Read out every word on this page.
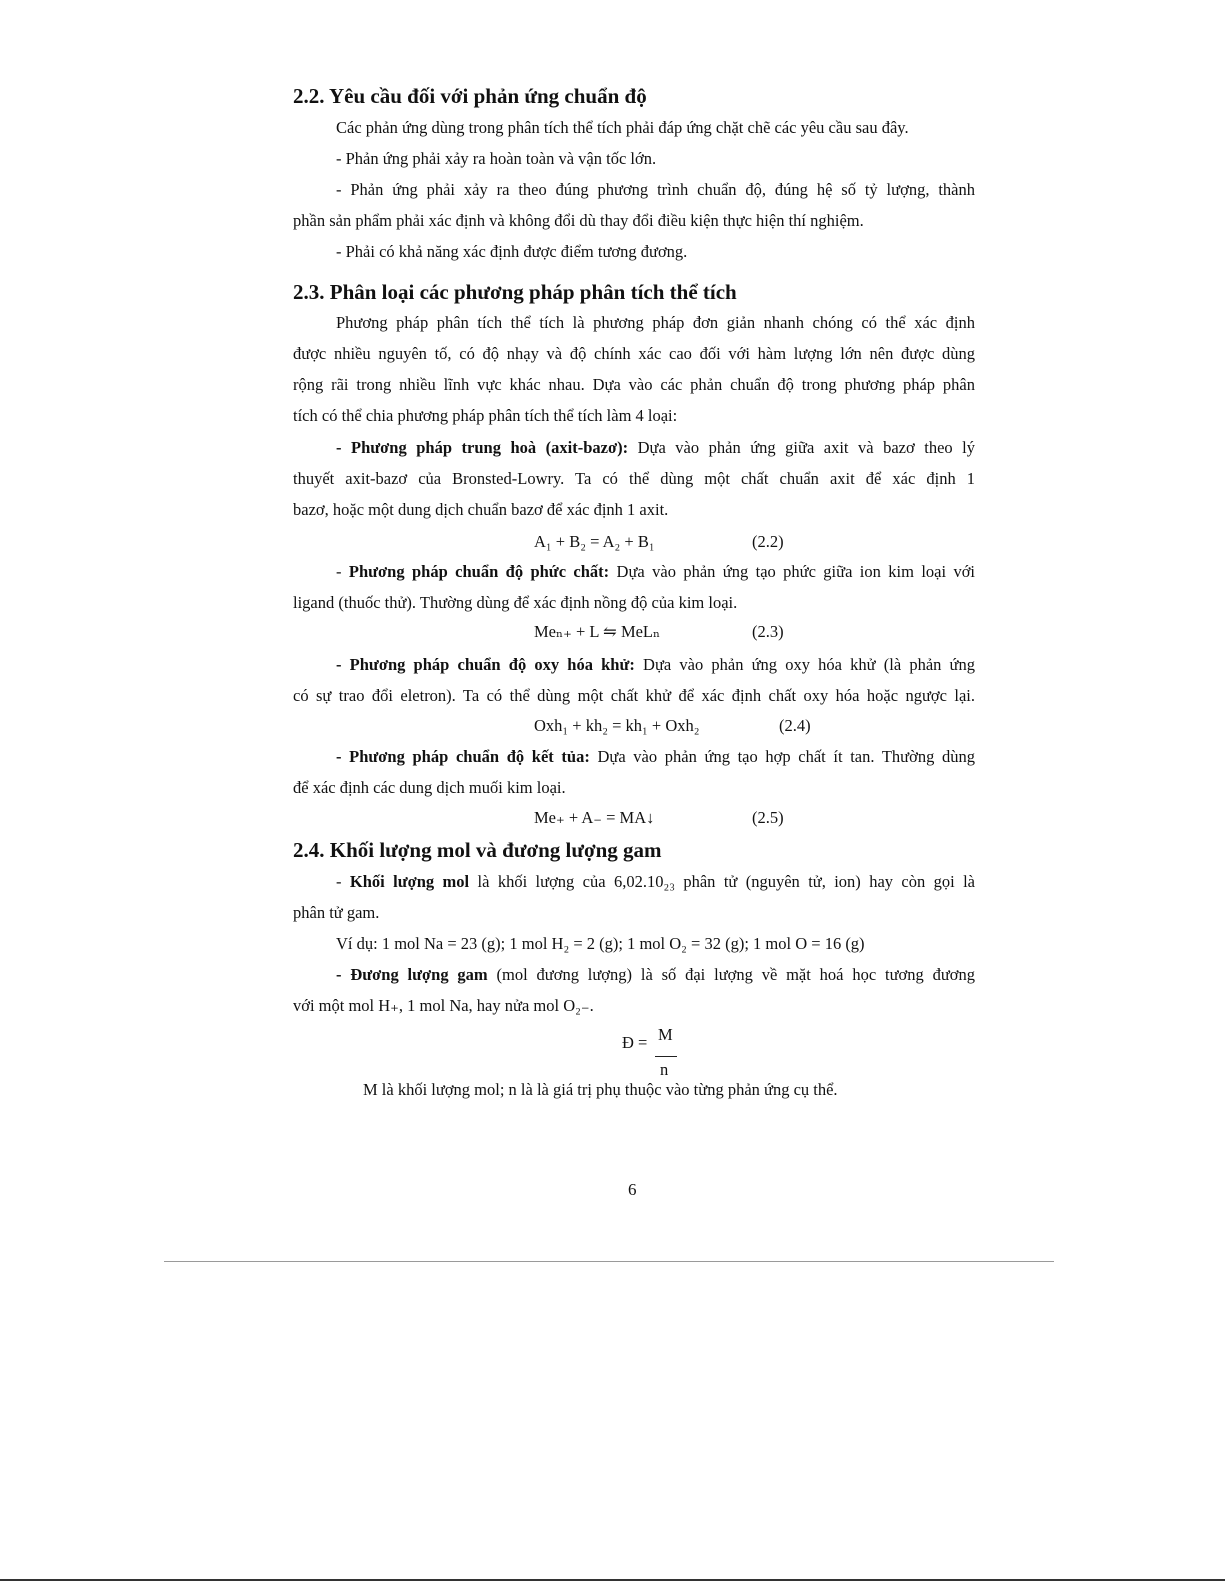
2.2. Yêu cầu đối với phản ứng chuẩn độ
Các phản ứng dùng trong phân tích thể tích phải đáp ứng chặt chẽ các yêu cầu sau đây.
- Phản ứng phải xảy ra hoàn toàn và vận tốc lớn.
- Phản ứng phải xảy ra theo đúng phương trình chuẩn độ, đúng hệ số tỷ lượng, thành
phần sản phẩm phải xác định và không đổi dù thay đổi điều kiện thực hiện thí nghiệm.
- Phải có khả năng xác định được điểm tương đương.
2.3. Phân loại các phương pháp phân tích thể tích
Phương pháp phân tích thể tích là phương pháp đơn giản nhanh chóng có thể xác định
được nhiều nguyên tố, có độ nhạy và độ chính xác cao đối với hàm lượng lớn nên được dùng
rộng rãi trong nhiều lĩnh vực khác nhau. Dựa vào các phản chuẩn độ trong phương pháp phân
tích có thể chia phương pháp phân tích thể tích làm 4 loại:
- Phương pháp trung hoà (axit-bazơ): Dựa vào phản ứng giữa axit và bazơ theo lý
thuyết axit-bazơ của Bronsted-Lowry. Ta có thể dùng một chất chuẩn axit để xác định 1
bazơ, hoặc một dung dịch chuẩn bazơ để xác định 1 axit.
A₁ + B₂ = A₂ + B₁	(2.2)
- Phương pháp chuẩn độ phức chất: Dựa vào phản ứng tạo phức giữa ion kim loại với
ligand (thuốc thử). Thường dùng để xác định nồng độ của kim loại.
Meₙ₊ + L ⇋ MeLₙ	(2.3)
- Phương pháp chuẩn độ oxy hóa khử: Dựa vào phản ứng oxy hóa khử (là phản ứng
có sự trao đổi eletron). Ta có thể dùng một chất khử để xác định chất oxy hóa hoặc ngược lại.
Oxh₁ + kh₂ = kh₁ + Oxh₂	(2.4)
- Phương pháp chuẩn độ kết tủa: Dựa vào phản ứng tạo hợp chất ít tan. Thường dùng
để xác định các dung dịch muối kim loại.
Me₊ + A₋ = MA↓	(2.5)
2.4. Khối lượng mol và đương lượng gam
- Khối lượng mol là khối lượng của 6,02.10₂₃ phân tử (nguyên tử, ion) hay còn gọi là
phân tử gam.
Ví dụ: 1 mol Na = 23 (g); 1 mol H₂ = 2 (g); 1 mol O₂ = 32 (g); 1 mol O = 16 (g)
- Đương lượng gam (mol đương lượng) là số đại lượng về mặt hoá học tương đương
với một mol H₊, 1 mol Na, hay nửa mol O₂₋.
Đ = M
n
M là khối lượng mol; n là là giá trị phụ thuộc vào từng phản ứng cụ thể.
6
